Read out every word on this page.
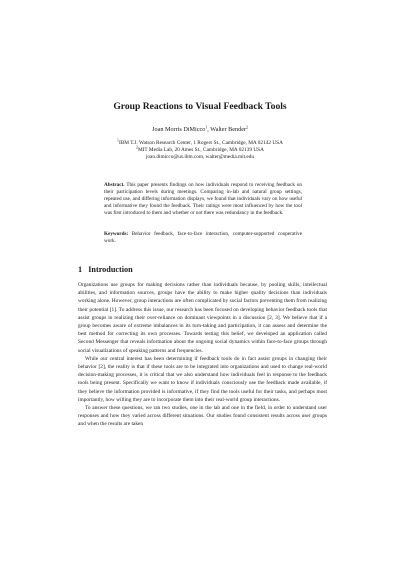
Group Reactions to Visual Feedback Tools
Joan Morris DiMicco$^1$, Walter Bender$^2$
$^1$IBM T.J. Watson Research Center, 1 Rogers St., Cambridge, MA 02142 USA
$^2$MIT Media Lab, 20 Ames St., Cambridge, MA 02139 USA
joan.dimicco@us.ibm.com, walter@media.mit.edu
Abstract. This paper presents findings on how individuals respond to receiving feedback on their participation levels during meetings. Comparing in-lab and natural group settings, repeated use, and differing information displays, we found that individuals vary on how useful and informative they found the feedback. Their ratings were most influenced by how the tool was first introduced to them and whether or not there was redundancy in the feedback.
Keywords: Behavior feedback, face-to-face interaction, computer-supported cooperative work.
1 Introduction

Organizations use groups for making decisions rather than individuals because, by pooling skills, intellectual abilities, and information sources, groups have the ability to make higher quality decisions than individuals working alone. However, group interactions are often complicated by social factors preventing them from realizing their potential [1]. To address this issue, our research has been focused on developing behavior feedback tools that assist groups in realizing their over-reliance on dominant viewpoints in a discussion [2, 3]. We believe that if a group becomes aware of extreme imbalances in its turn-taking and participation, it can assess and determine the best method for correcting its own processes. Towards testing this belief, we developed an application called Second Messenger that reveals information about the ongoing social dynamics within face-to-face groups through social visualizations of speaking patterns and frequencies.

While our central interest has been determining if feedback tools do in fact assist groups in changing their behavior [2], the reality is that if these tools are to be integrated into organizations and used to change real-world decision-making processes, it is critical that we also understand how individuals feel in response to the feedback tools being present. Specifically we want to know if individuals consciously use the feedback made available, if they believe the information provided is informative, if they find the tools useful for their tasks, and perhaps most importantly, how willing they are to incorporate them into their real-world group interactions.

To answer these questions, we ran two studies, one in the lab and one in the field, in order to understand user responses and how they varied across different situations. Our studies found consistent results across user groups and when the results are taken
